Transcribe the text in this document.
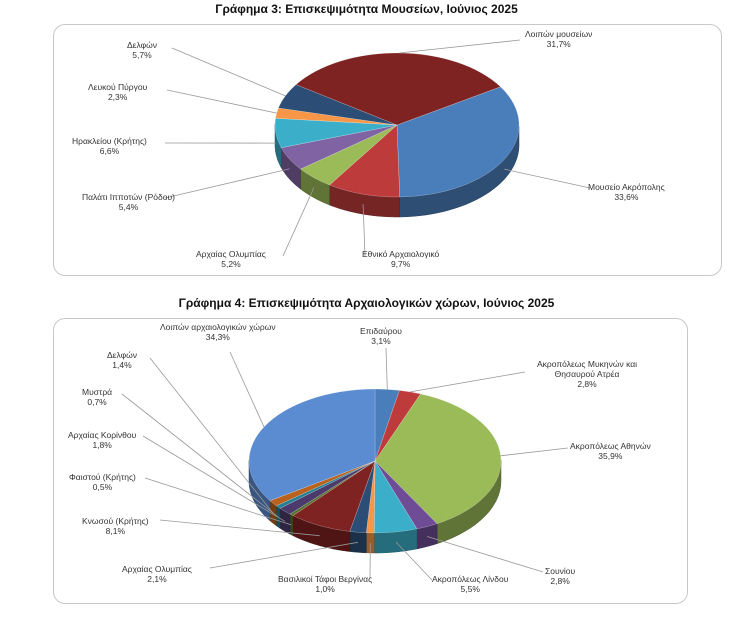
Γράφημα 3: Επισκεψιμότητα Μουσείων, Ιούνιος 2025
Γράφημα 4: Επισκεψιμότητα Αρχαιολογικών χώρων, Ιούνιος 2025
Λοιπών μουσείων
31,7%
Δελφών
5,7%
Λευκού Πύργου
2,3%
Ηρακλείου (Κρήτης)
6,6%
Παλάτι Ιπποτών (Ρόδου)
5,4%
Αρχαίας Ολυμπίας
5,2%
Εθνικό Αρχαιολογικό
9,7%
Μουσείο Ακρόπολης
33,6%
Λοιπών αρχαιολογικών χώρων
34,3%
Επιδαύρου
3,1%
Ακροπόλεως Μυκηνών και Θησαυρού Ατρέα
2,8%
Ακροπόλεως Αθηνών
35,9%
Δελφών
1,4%
Μυστρά
0,7%
Αρχαίας Κορίνθου
1,8%
Φαιστού (Κρήτης)
0,5%
Κνωσού (Κρήτης)
8,1%
Αρχαίας Ολυμπίας
2,1%	Βασιλικοί Τάφοι Βεργίνας
1,0%
Ακροπόλεως Λίνδου
5,5%
Σουνίου
2,8%
